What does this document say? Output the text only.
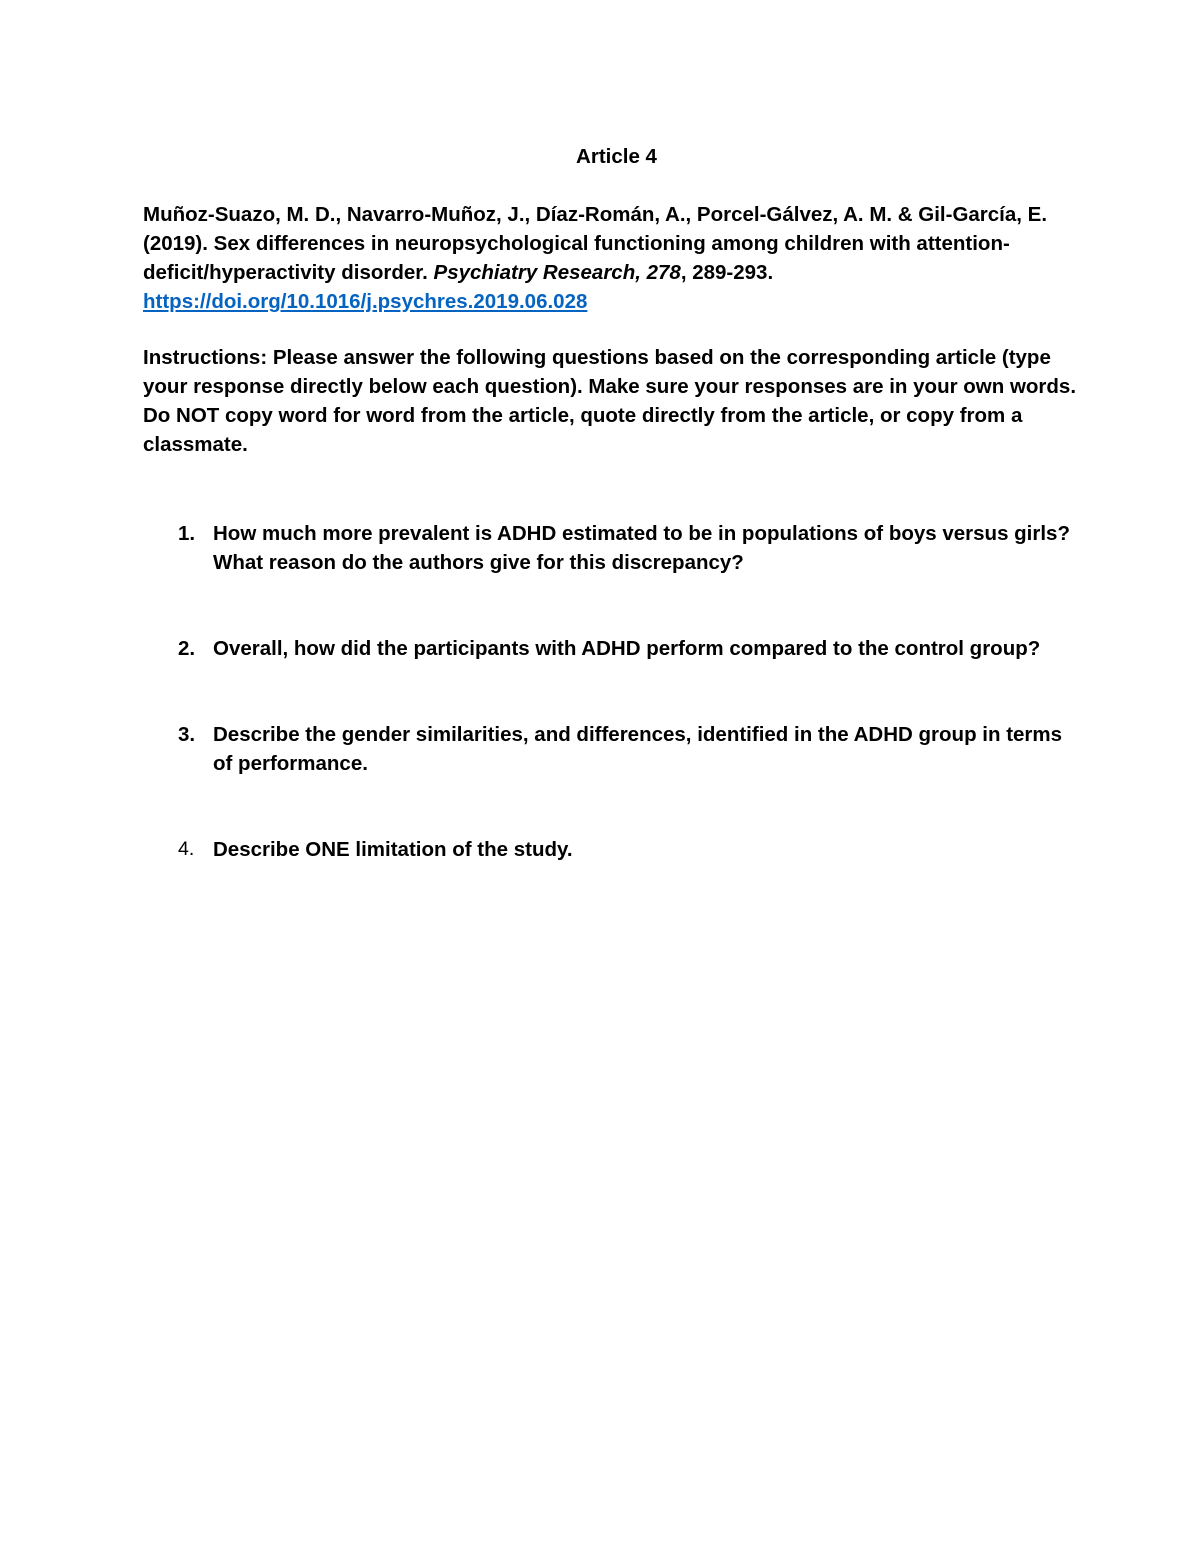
Article 4
Muñoz-Suazo, M. D., Navarro-Muñoz, J., Díaz-Román, A., Porcel-Gálvez, A. M. & Gil-García, E.
(2019). Sex differences in neuropsychological functioning among children with attention-
deficit/hyperactivity disorder. Psychiatry Research, 278, 289-293.
https://doi.org/10.1016/j.psychres.2019.06.028
Instructions: Please answer the following questions based on the corresponding article (type
your response directly below each question). Make sure your responses are in your own words.
Do NOT copy word for word from the article, quote directly from the article, or copy from a
classmate.
1. How much more prevalent is ADHD estimated to be in populations of boys versus girls?
What reason do the authors give for this discrepancy?
2. Overall, how did the participants with ADHD perform compared to the control group?
3. Describe the gender similarities, and differences, identified in the ADHD group in terms
of performance.
4. Describe ONE limitation of the study.
